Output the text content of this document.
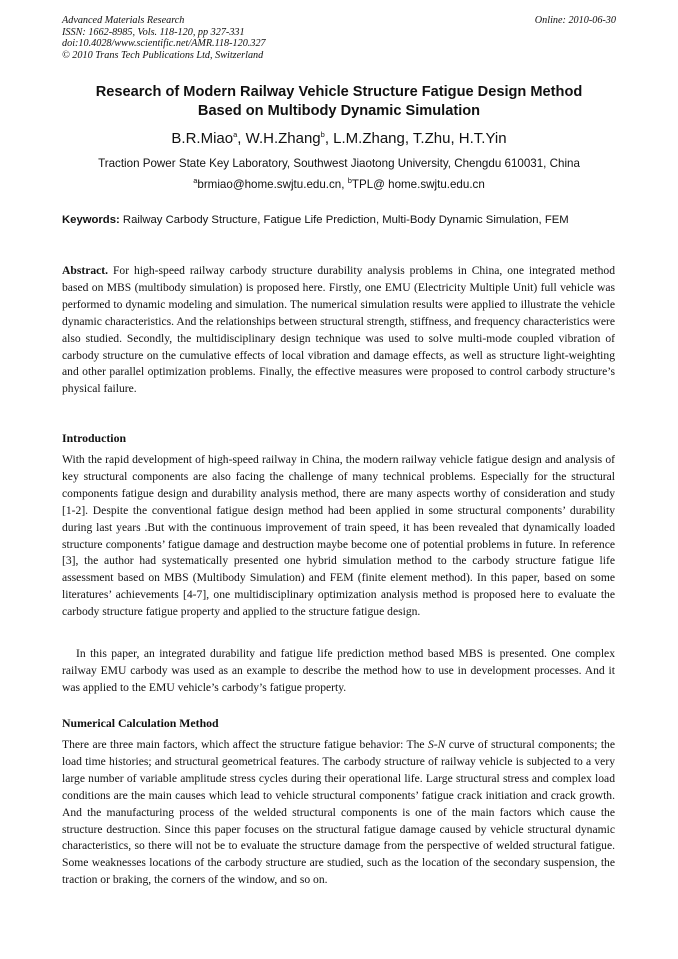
Advanced Materials Research
ISSN: 1662-8985, Vols. 118-120, pp 327-331
doi:10.4028/www.scientific.net/AMR.118-120.327
© 2010 Trans Tech Publications Ltd, Switzerland
Online: 2010-06-30
Research of Modern Railway Vehicle Structure Fatigue Design Method
Based on Multibody Dynamic Simulation
B.R.Miao$^a$, W.H.Zhang$^b$, L.M.Zhang, T.Zhu, H.T.Yin
Traction Power State Key Laboratory, Southwest Jiaotong University, Chengdu 610031, China
$^a$brmiao@home.swjtu.edu.cn, $^b$TPL@ home.swjtu.edu.cn
Keywords: Railway Carbody Structure, Fatigue Life Prediction, Multi-Body Dynamic Simulation, FEM
Abstract. For high-speed railway carbody structure durability analysis problems in China, one integrated method based on MBS (multibody simulation) is proposed here. Firstly, one EMU (Electricity Multiple Unit) full vehicle was performed to dynamic modeling and simulation. The numerical simulation results were applied to illustrate the vehicle dynamic characteristics. And the relationships between structural strength, stiffness, and frequency characteristics were also studied. Secondly, the multidisciplinary design technique was used to solve multi-mode coupled vibration of carbody structure on the cumulative effects of local vibration and damage effects, as well as structure light-weighting and other parallel optimization problems. Finally, the effective measures were proposed to control carbody structure’s physical failure.
Introduction
With the rapid development of high-speed railway in China, the modern railway vehicle fatigue design and analysis of key structural components are also facing the challenge of many technical problems. Especially for the structural components fatigue design and durability analysis method, there are many aspects worthy of consideration and study [1-2]. Despite the conventional fatigue design method had been applied in some structural components’ durability during last years .But with the continuous improvement of train speed, it has been revealed that dynamically loaded structure components’ fatigue damage and destruction maybe become one of potential problems in future. In reference [3], the author had systematically presented one hybrid simulation method to the carbody structure fatigue life assessment based on MBS (Multibody Simulation) and FEM (finite element method). In this paper, based on some literatures’ achievements [4-7], one multidisciplinary optimization analysis method is proposed here to evaluate the carbody structure fatigue property and applied to the structure fatigue design.
In this paper, an integrated durability and fatigue life prediction method based MBS is presented. One complex railway EMU carbody was used as an example to describe the method how to use in development processes. And it was applied to the EMU vehicle’s carbody’s fatigue property.
Numerical Calculation Method
There are three main factors, which affect the structure fatigue behavior: The S-N curve of structural components; the load time histories; and structural geometrical features. The carbody structure of railway vehicle is subjected to a very large number of variable amplitude stress cycles during their operational life. Large structural stress and complex load conditions are the main causes which lead to vehicle structural components’ fatigue crack initiation and crack growth. And the manufacturing process of the welded structural components is one of the main factors which cause the structure destruction. Since this paper focuses on the structural fatigue damage caused by vehicle structural dynamic characteristics, so there will not be to evaluate the structure damage from the perspective of welded structural fatigue. Some weaknesses locations of the carbody structure are studied, such as the location of the secondary suspension, the traction or braking, the corners of the window, and so on.
